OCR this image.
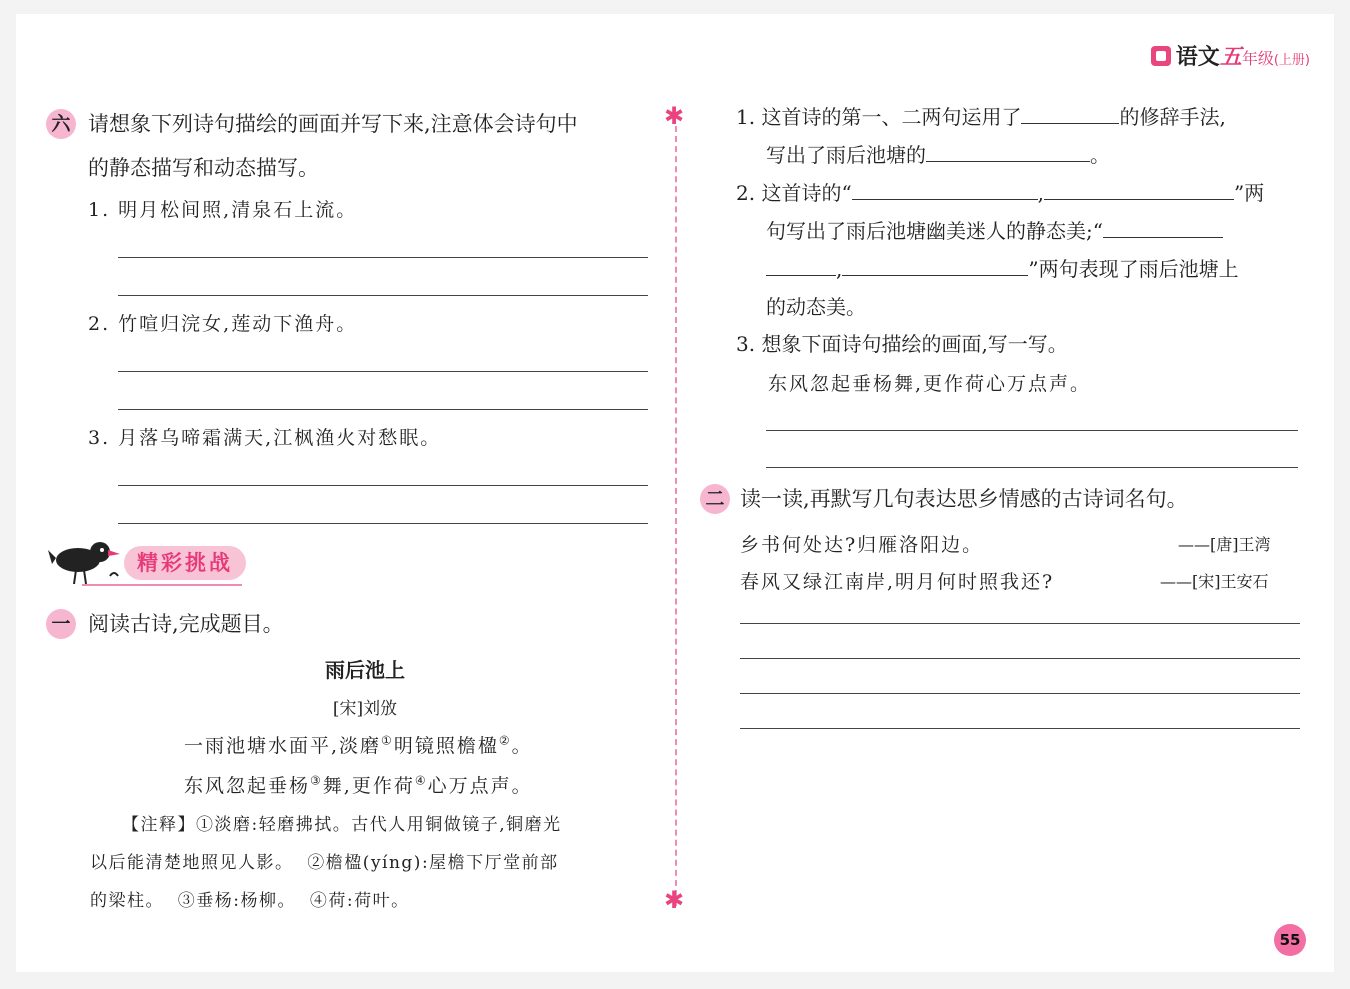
语文五年级(上册)
✱
✱
六 请想象下列诗句描绘的画面并写下来,注意体会诗句中
的静态描写和动态描写。
1. 明月松间照,清泉石上流。
2. 竹喧归浣女,莲动下渔舟。
3. 月落乌啼霜满天,江枫渔火对愁眠。
精彩挑战
一 阅读古诗,完成题目。
雨后池上
[宋]刘攽
一雨池塘水面平,淡磨①明镜照檐楹②。
东风忽起垂杨③舞,更作荷④心万点声。
【注释】①淡磨:轻磨拂拭。古代人用铜做镜子,铜磨光
以后能清楚地照见人影。  ②檐楹(yíng):屋檐下厅堂前部
的梁柱。  ③垂杨:杨柳。  ④荷:荷叶。
1. 这首诗的第一、二两句运用了	的修辞手法,
写出了雨后池塘的	。
2. 这首诗的“	,	”两
句写出了雨后池塘幽美迷人的静态美;“
,	”两句表现了雨后池塘上
的动态美。
3. 想象下面诗句描绘的画面,写一写。
东风忽起垂杨舞,更作荷心万点声。
二 读一读,再默写几句表达思乡情感的古诗词名句。
乡书何处达?归雁洛阳边。	——[唐]王湾
春风又绿江南岸,明月何时照我还?	——[宋]王安石
55
